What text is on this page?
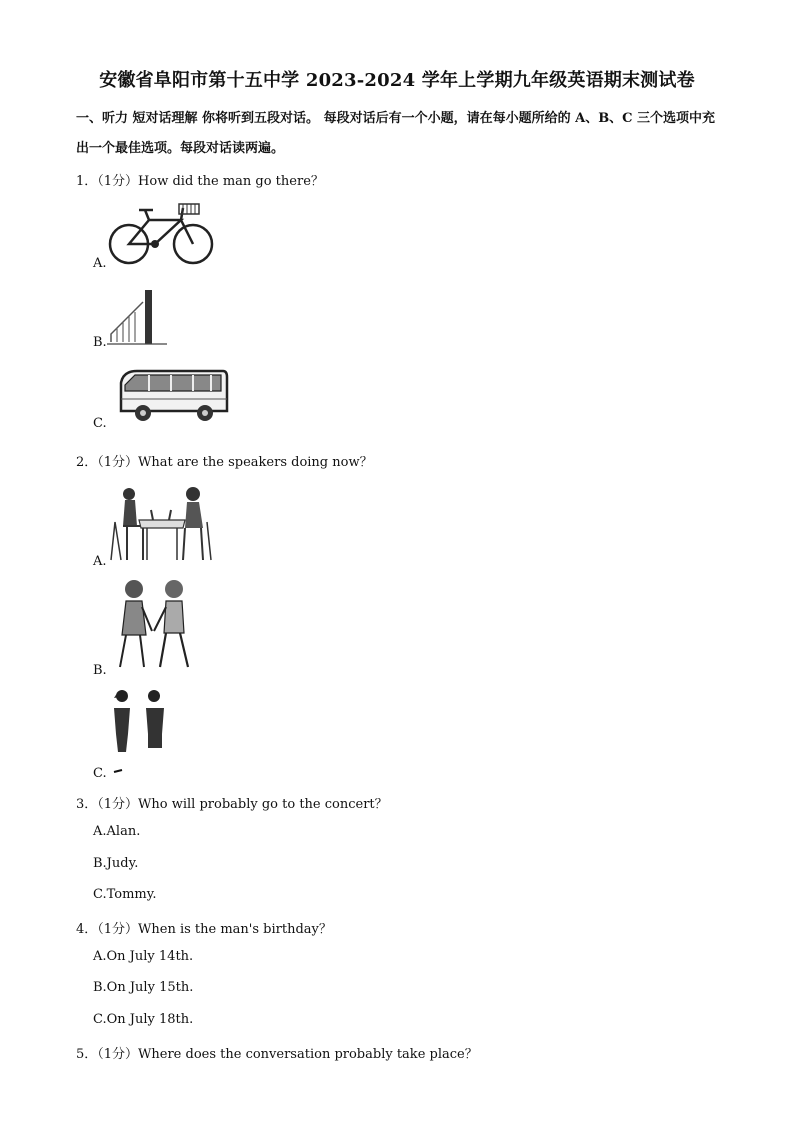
安徽省阜阳市第十五中学 2023-2024 学年上学期九年级英语期末测试卷
一、听力 短对话理解 你将听到五段对话。 每段对话后有一个小题，请在每小题所给的 A、B、C 三个选项中充出一个最佳选项。每段对话读两遍。
1．（1分）How did the man go there？
A.
B.
C.
2．（1分）What are the speakers doing now？
A.
B.
C.
3．（1分）Who will probably go to the concert？
A.Alan.
B.Judy.
C.Tommy.
4．（1分）When is the man's birthday？
A.On July 14th.
B.On July 15th.
C.On July 18th.
5．（1分）Where does the conversation probably take place？
